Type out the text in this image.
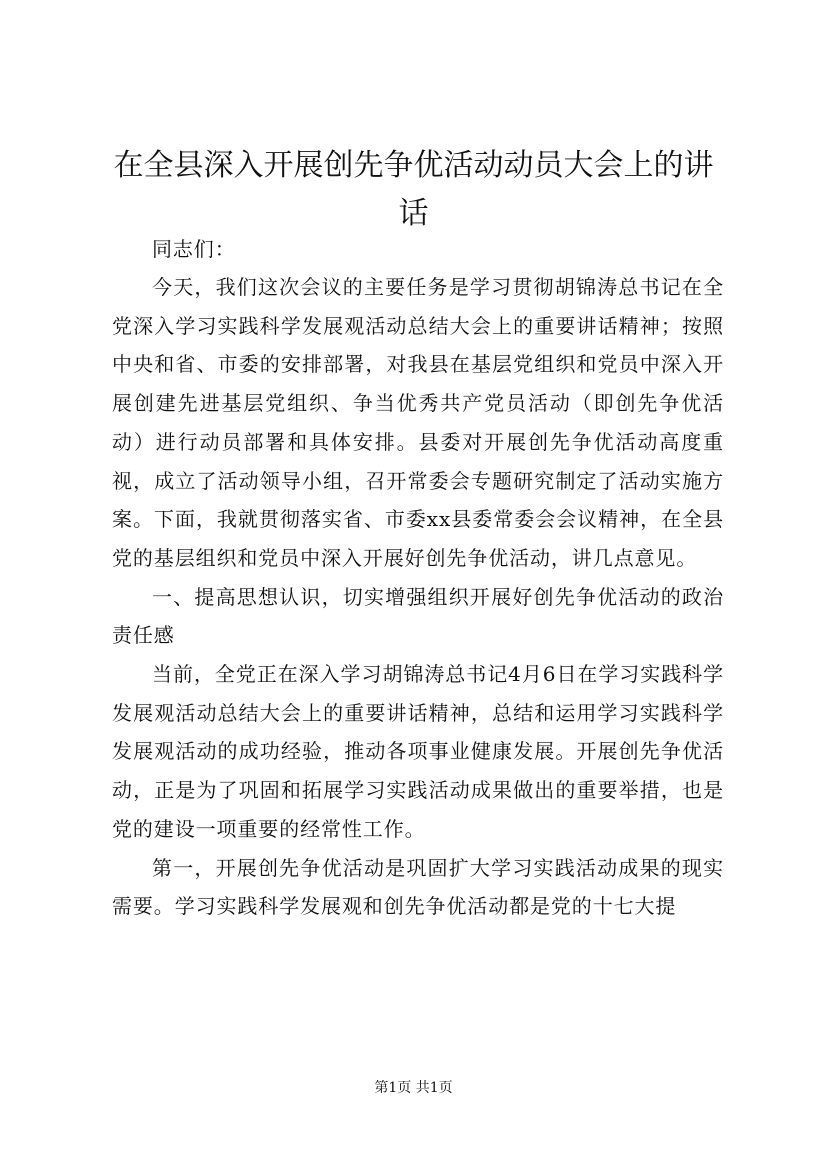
在全县深入开展创先争优活动动员大会上的讲话

同志们：

今天，我们这次会议的主要任务是学习贯彻胡锦涛总书记在全党深入学习实践科学发展观活动总结大会上的重要讲话精神；按照中央和省、市委的安排部署，对我县在基层党组织和党员中深入开展创建先进基层党组织、争当优秀共产党员活动（即创先争优活动）进行动员部署和具体安排。县委对开展创先争优活动高度重视，成立了活动领导小组，召开常委会专题研究制定了活动实施方案。下面，我就贯彻落实省、市委xx县委常委会会议精神，在全县党的基层组织和党员中深入开展好创先争优活动，讲几点意见。

一、提高思想认识，切实增强组织开展好创先争优活动的政治责任感

当前，全党正在深入学习胡锦涛总书记4月6日在学习实践科学发展观活动总结大会上的重要讲话精神，总结和运用学习实践科学发展观活动的成功经验，推动各项事业健康发展。开展创先争优活动，正是为了巩固和拓展学习实践活动成果做出的重要举措，也是党的建设一项重要的经常性工作。

第一，开展创先争优活动是巩固扩大学习实践活动成果的现实需要。学习实践科学发展观和创先争优活动都是党的十七大提

第1页 共1页
